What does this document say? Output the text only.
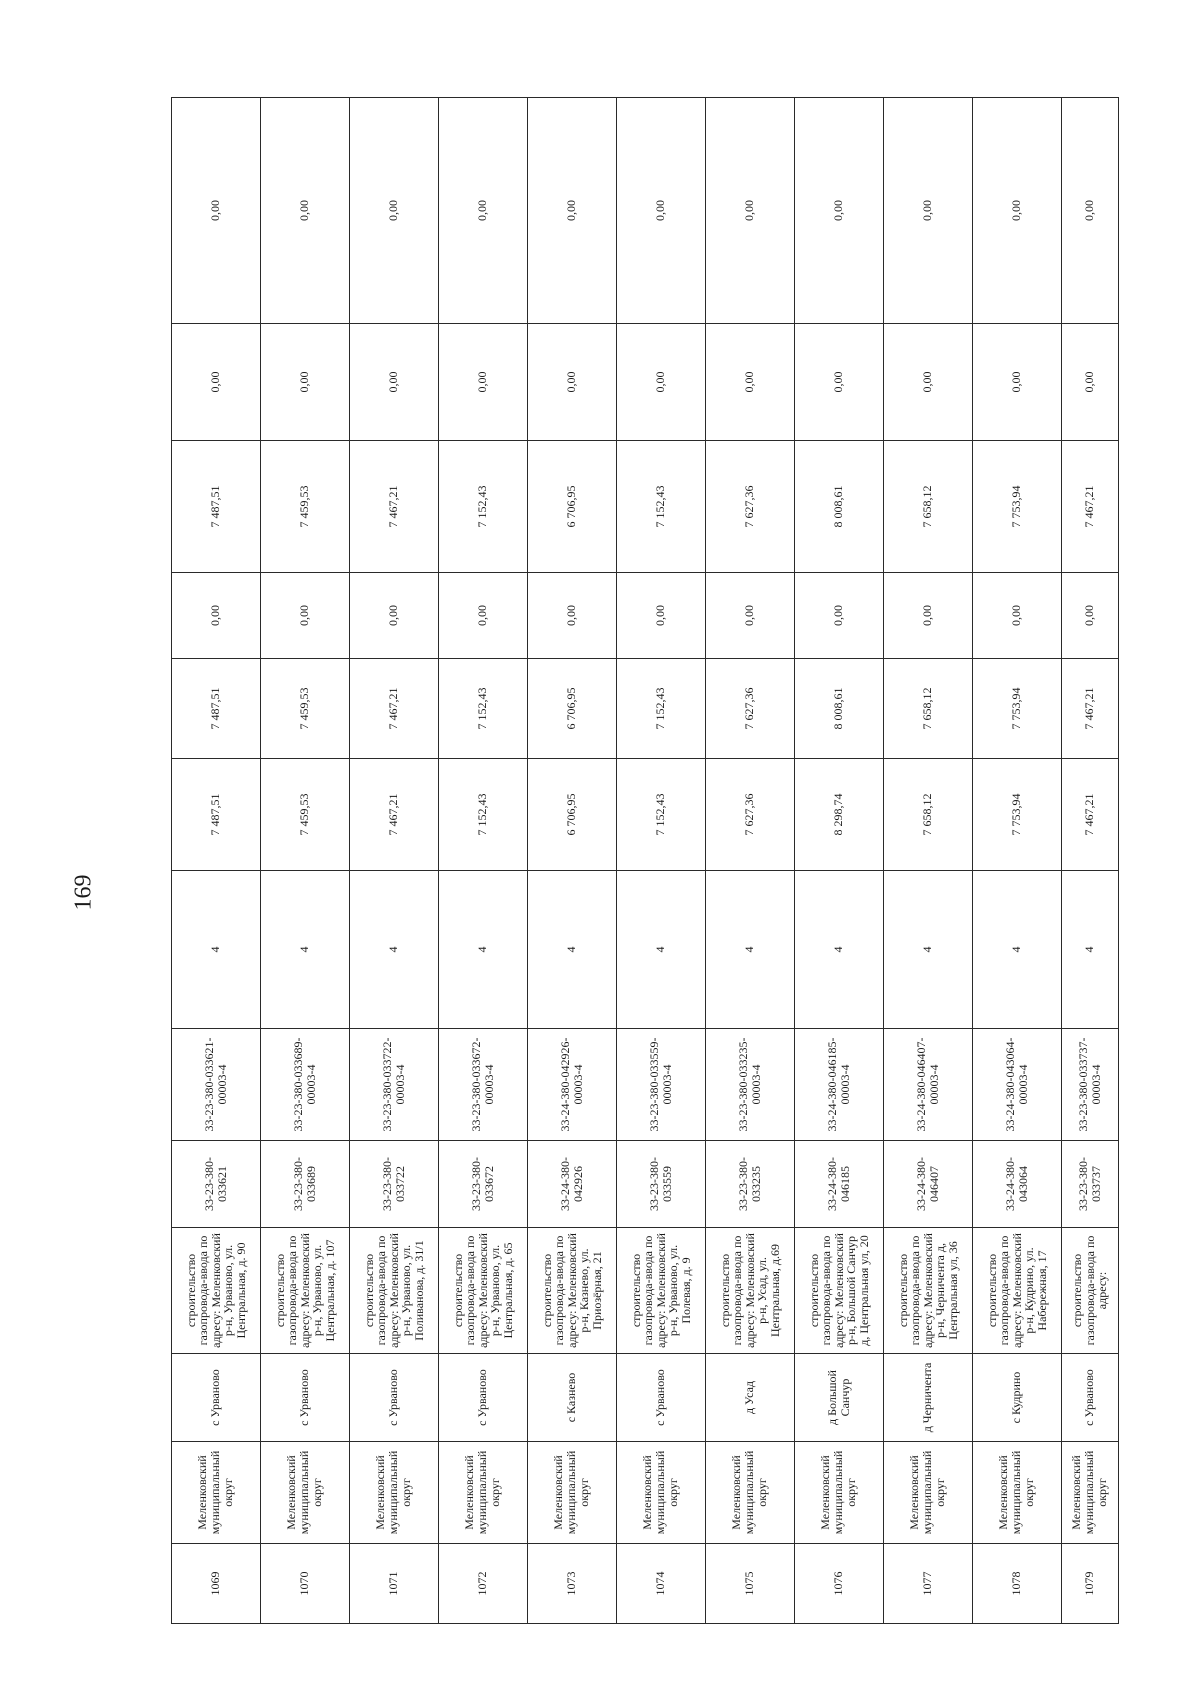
169
1069	Меленковский муниципальный округ	с Урваново	строительство газопровода-ввода по адресу: Меленковский р-н, Урваново, ул. Центральная, д. 90	33-23-380-033621	33-23-380-033621-00003-4	4	7 487,51	7 487,51	0,00	7 487,51	0,00	0,00
1070	Меленковский муниципальный округ	с Урваново	строительство газопровода-ввода по адресу: Меленковский р-н, Урваново, ул. Центральная, д. 107	33-23-380-033689	33-23-380-033689-00003-4	4	7 459,53	7 459,53	0,00	7 459,53	0,00	0,00
1071	Меленковский муниципальный округ	с Урваново	строительство газопровода-ввода по адресу: Меленковский р-н, Урваново, ул. Поливанова, д. 31/1	33-23-380-033722	33-23-380-033722-00003-4	4	7 467,21	7 467,21	0,00	7 467,21	0,00	0,00
1072	Меленковский муниципальный округ	с Урваново	строительство газопровода-ввода по адресу: Меленковский р-н, Урваново, ул. Центральная, д. 65	33-23-380-033672	33-23-380-033672-00003-4	4	7 152,43	7 152,43	0,00	7 152,43	0,00	0,00
1073	Меленковский муниципальный округ	с Казнево	строительство газопровода-ввода по адресу: Меленковский р-н, Казнево, ул. Приозёрная, 21	33-24-380-042926	33-24-380-042926-00003-4	4	6 706,95	6 706,95	0,00	6 706,95	0,00	0,00
1074	Меленковский муниципальный округ	с Урваново	строительство газопровода-ввода по адресу: Меленковский р-н, Урваново, ул. Полевая, д. 9	33-23-380-033559	33-23-380-033559-00003-4	4	7 152,43	7 152,43	0,00	7 152,43	0,00	0,00
1075	Меленковский муниципальный округ	д Усад	строительство газопровода-ввода по адресу: Меленковский р-н, Усад, ул. Центральная, д.69	33-23-380-033235	33-23-380-033235-00003-4	4	7 627,36	7 627,36	0,00	7 627,36	0,00	0,00
1076	Меленковский муниципальный округ	д Большой Санчур	строительство газопровода-ввода по адресу: Меленковский р-н, Большой Санчур д, Центральная ул, 20	33-24-380-046185	33-24-380-046185-00003-4	4	8 298,74	8 008,61	0,00	8 008,61	0,00	0,00
1077	Меленковский муниципальный округ	д Черничента	строительство газопровода-ввода по адресу: Меленковский р-н, Черничента д, Центральная ул, 36	33-24-380-046407	33-24-380-046407-00003-4	4	7 658,12	7 658,12	0,00	7 658,12	0,00	0,00
1078	Меленковский муниципальный округ	с Кудрино	строительство газопровода-ввода по адресу: Меленковский р-н, Кудрино, ул. Набережная, 17	33-24-380-043064	33-24-380-043064-00003-4	4	7 753,94	7 753,94	0,00	7 753,94	0,00	0,00
1079	Меленковский муниципальный округ	с Урваново	строительство газопровода-ввода по адресу:	33-23-380-033737	33-23-380-033737-00003-4	4	7 467,21	7 467,21	0,00	7 467,21	0,00	0,00
